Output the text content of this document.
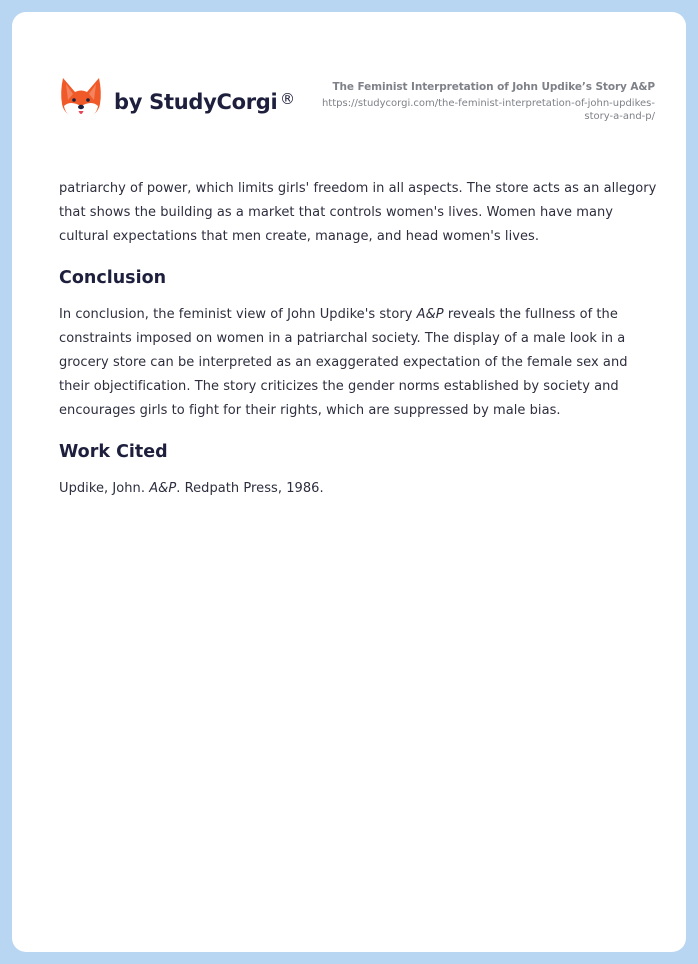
by StudyCorgi ®
The Feminist Interpretation of John Updike’s Story A&P
https://studycorgi.com/the-feminist-interpretation-of-john-updikes-story-a-and-p/

patriarchy of power, which limits girls' freedom in all aspects. The store acts as an allegory that shows the building as a market that controls women's lives. Women have many cultural expectations that men create, manage, and head women's lives.

Conclusion

In conclusion, the feminist view of John Updike's story A&P reveals the fullness of the constraints imposed on women in a patriarchal society. The display of a male look in a grocery store can be interpreted as an exaggerated expectation of the female sex and their objectification. The story criticizes the gender norms established by society and encourages girls to fight for their rights, which are suppressed by male bias.

Work Cited

Updike, John. A&P. Redpath Press, 1986.
